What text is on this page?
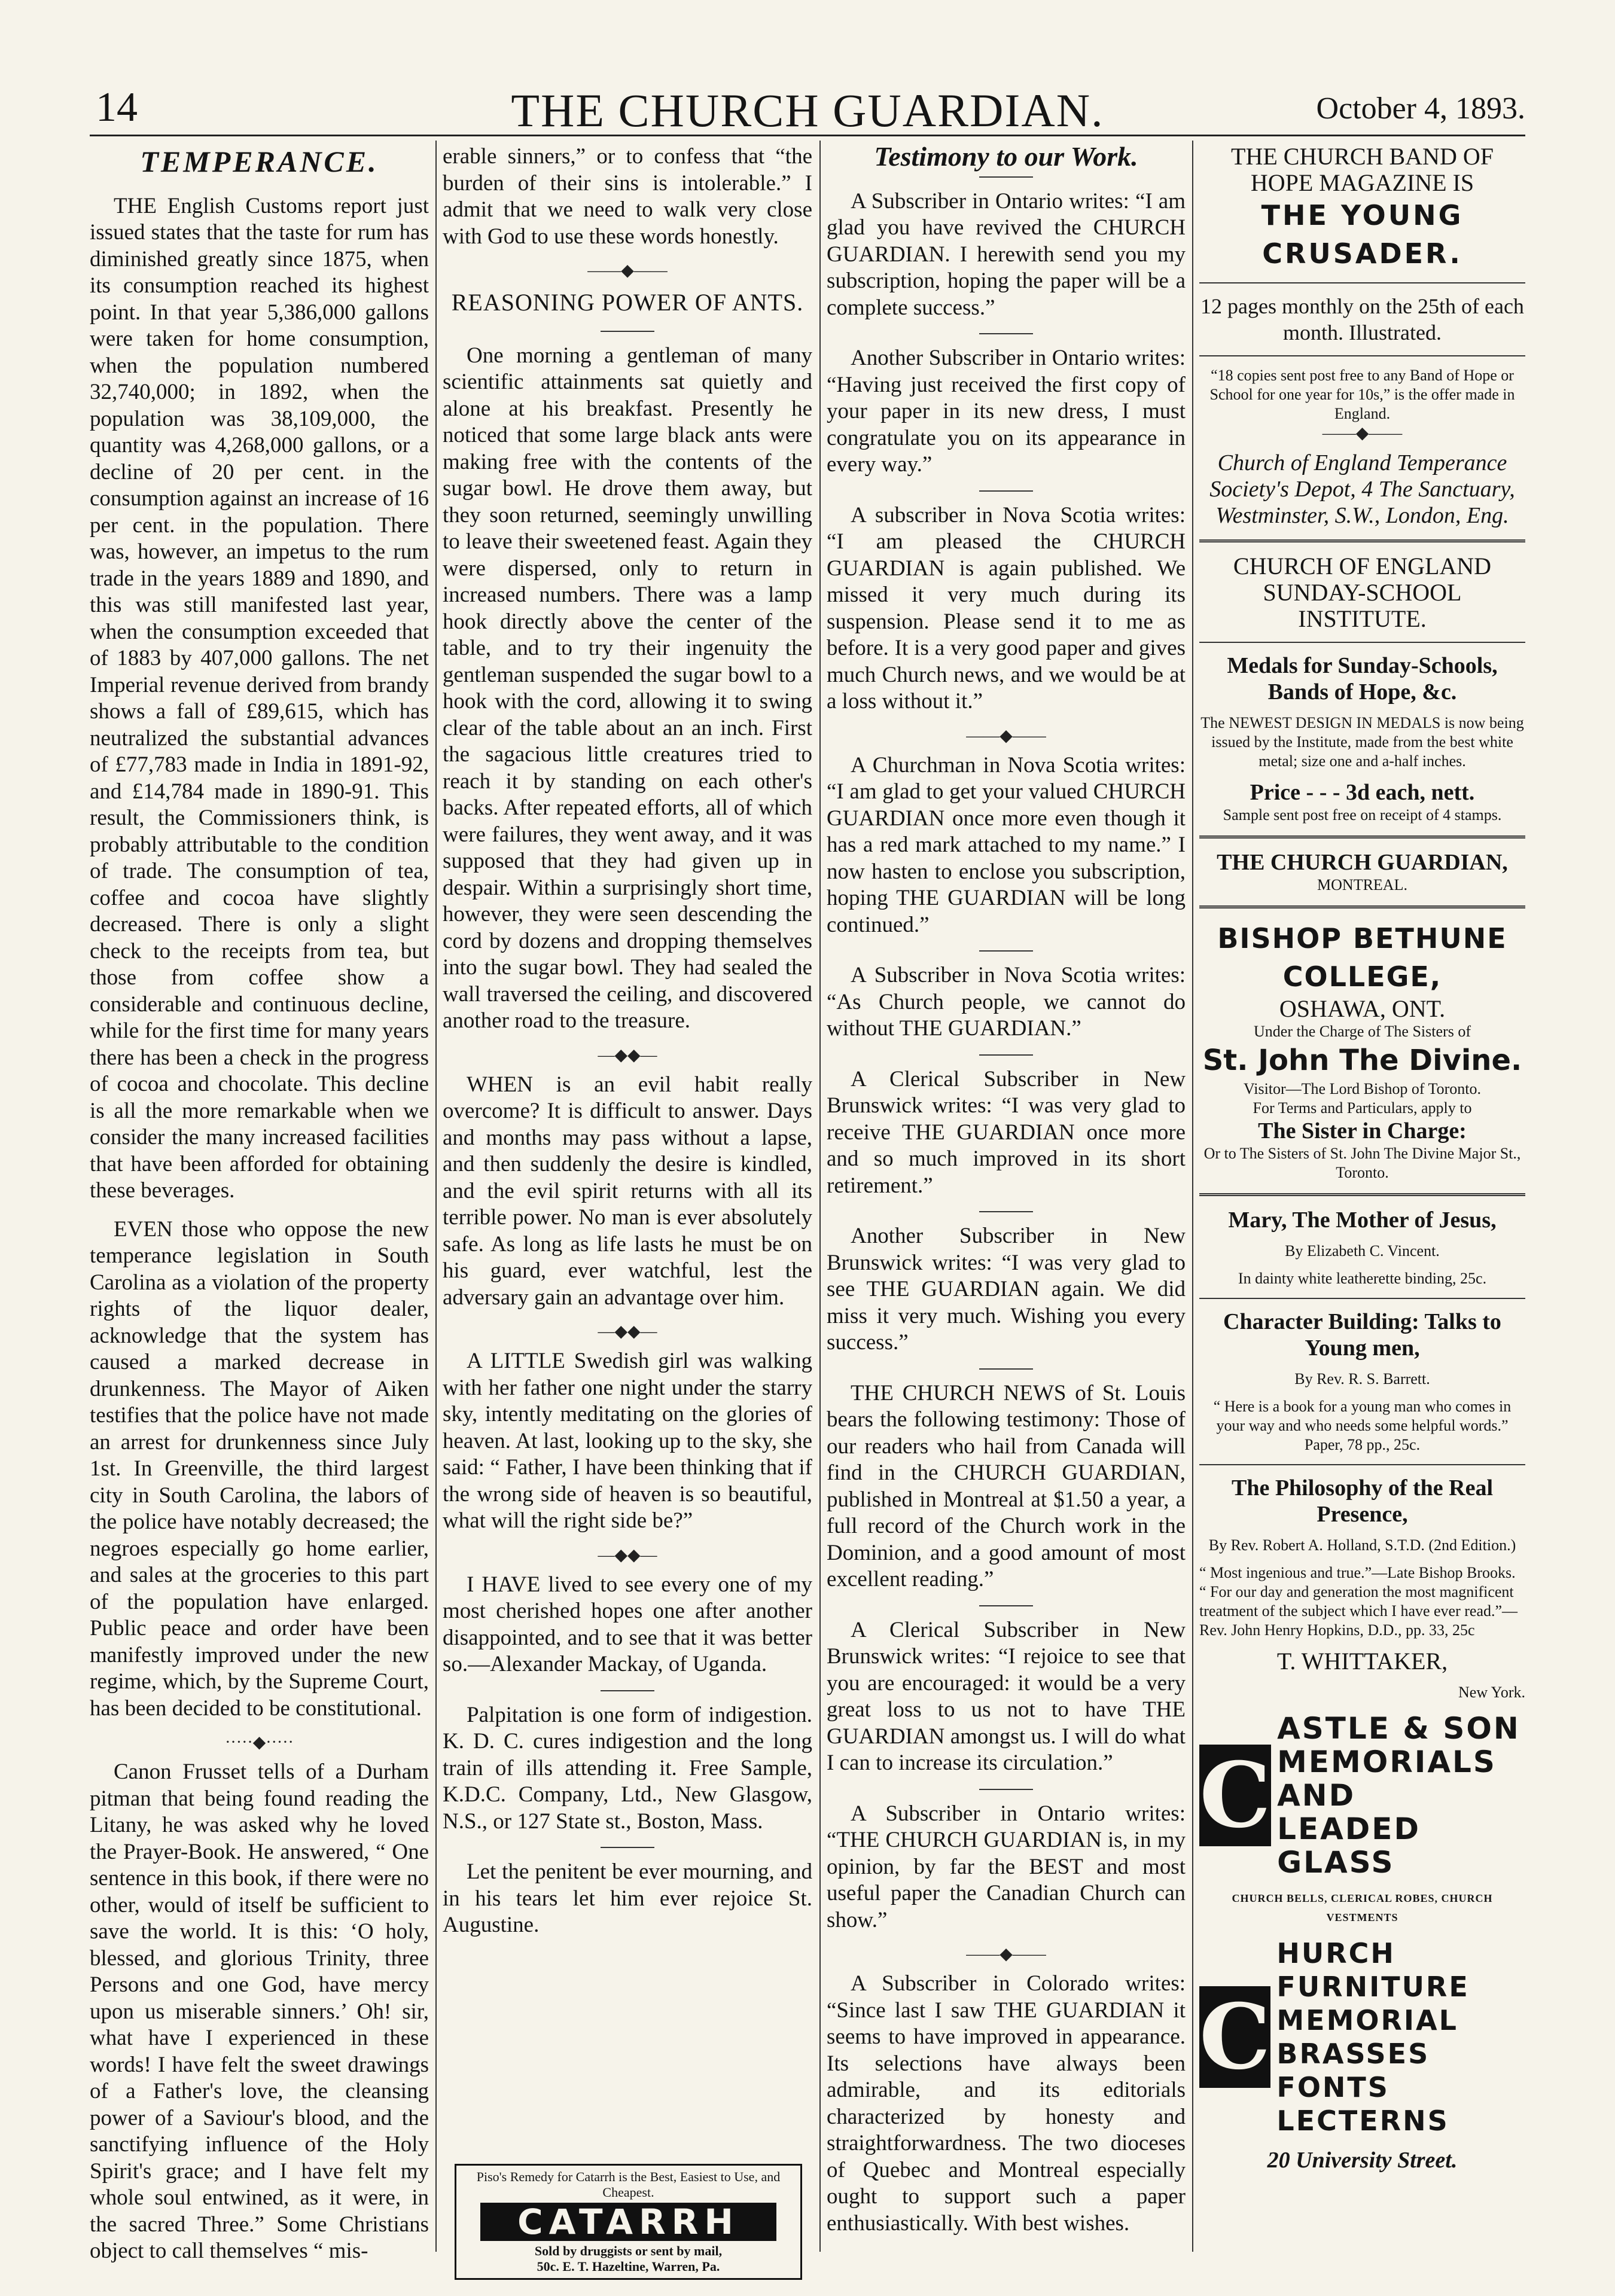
14	THE CHURCH GUARDIAN.	October 4, 1893.
TEMPERANCE.

THE English Customs report just issued states that the taste for rum has diminished greatly since 1875, when its consumption reached its highest point. In that year 5,386,000 gallons were taken for home consumption, when the population numbered 32,740,000; in 1892, when the population was 38,109,000, the quantity was 4,268,000 gallons, or a decline of 20 per cent. in the consumption against an increase of 16 per cent. in the population. There was, however, an impetus to the rum trade in the years 1889 and 1890, and this was still manifested last year, when the consumption exceeded that of 1883 by 407,000 gallons. The net Imperial revenue derived from brandy shows a fall of £89,615, which has neutralized the substantial advances of £77,783 made in India in 1891-92, and £14,784 made in 1890-91. This result, the Commissioners think, is probably attributable to the condition of trade. The consumption of tea, coffee and cocoa have slightly decreased. There is only a slight check to the receipts from tea, but those from coffee show a considerable and continuous decline, while for the first time for many years there has been a check in the progress of cocoa and chocolate. This decline is all the more remarkable when we consider the many increased facilities that have been afforded for obtaining these beverages.

EVEN those who oppose the new temperance legislation in South Carolina as a violation of the property rights of the liquor dealer, acknowledge that the system has caused a marked decrease in drunkenness. The Mayor of Aiken testifies that the police have not made an arrest for drunkenness since July 1st. In Greenville, the third largest city in South Carolina, the labors of the police have notably decreased; the negroes especially go home earlier, and sales at the groceries to this part of the population have enlarged. Public peace and order have been manifestly improved under the new regime, which, by the Supreme Court, has been decided to be constitutional.

·····◆·····

Canon Frusset tells of a Durham pitman that being found reading the Litany, he was asked why he loved the Prayer-Book. He answered, “ One sentence in this book, if there were no other, would of itself be sufficient to save the world. It is this: ‘O holy, blessed, and glorious Trinity, three Persons and one God, have mercy upon us miserable sinners.’ Oh! sir, what have I experienced in these words! I have felt the sweet drawings of a Father's love, the cleansing power of a Saviour's blood, and the sanctifying influence of the Holy Spirit's grace; and I have felt my whole soul entwined, as it were, in the sacred Three.” Some Christians object to call themselves “ mis-

erable sinners,” or to confess that “the burden of their sins is intolerable.” I admit that we need to walk very close with God to use these words honestly.

——◆——
REASONING POWER OF ANTS.

One morning a gentleman of many scientific attainments sat quietly and alone at his breakfast. Presently he noticed that some large black ants were making free with the contents of the sugar bowl. He drove them away, but they soon returned, seemingly unwilling to leave their sweetened feast. Again they were dispersed, only to return in increased numbers. There was a lamp hook directly above the center of the table, and to try their ingenuity the gentleman suspended the sugar bowl to a hook with the cord, allowing it to swing clear of the table about an an inch. First the sagacious little creatures tried to reach it by standing on each other's backs. After repeated efforts, all of which were failures, they went away, and it was supposed that they had given up in despair. Within a surprisingly short time, however, they were seen descending the cord by dozens and dropping themselves into the sugar bowl. They had sealed the wall traversed the ceiling, and discovered another road to the treasure.

—◆◆—

WHEN is an evil habit really overcome? It is difficult to answer. Days and months may pass without a lapse, and then suddenly the desire is kindled, and the evil spirit returns with all its terrible power. No man is ever absolutely safe. As long as life lasts he must be on his guard, ever watchful, lest the adversary gain an advantage over him.

—◆◆—

A LITTLE Swedish girl was walking with her father one night under the starry sky, intently meditating on the glories of heaven. At last, looking up to the sky, she said: “ Father, I have been thinking that if the wrong side of heaven is so beautiful, what will the right side be?”

—◆◆—

I HAVE lived to see every one of my most cherished hopes one after another disappointed, and to see that it was better so.—Alexander Mackay, of Uganda.

Palpitation is one form of indigestion. K. D. C. cures indigestion and the long train of ills attending it. Free Sample, K.D.C. Company, Ltd., New Glasgow, N.S., or 127 State st., Boston, Mass.

Let the penitent be ever mourning, and in his tears let him ever rejoice St. Augustine.

Piso's Remedy for Catarrh is the Best, Easiest to Use, and Cheapest.
CATARRH
Sold by druggists or sent by mail,
50c. E. T. Hazeltine, Warren, Pa.
Testimony to our Work.

A Subscriber in Ontario writes: “I am glad you have revived the CHURCH GUARDIAN. I herewith send you my subscription, hoping the paper will be a complete success.”

Another Subscriber in Ontario writes: “Having just received the first copy of your paper in its new dress, I must congratulate you on its appearance in every way.”

A subscriber in Nova Scotia writes: “I am pleased the CHURCH GUARDIAN is again published. We missed it very much during its suspension. Please send it to me as before. It is a very good paper and gives much Church news, and we would be at a loss without it.”

——◆——

A Churchman in Nova Scotia writes: “I am glad to get your valued CHURCH GUARDIAN once more even though it has a red mark attached to my name.” I now hasten to enclose you subscription, hoping THE GUARDIAN will be long continued.”

A Subscriber in Nova Scotia writes: “As Church people, we cannot do without THE GUARDIAN.”

A Clerical Subscriber in New Brunswick writes: “I was very glad to receive THE GUARDIAN once more and so much improved in its short retirement.”

Another Subscriber in New Brunswick writes: “I was very glad to see THE GUARDIAN again. We did miss it very much. Wishing you every success.”

THE CHURCH NEWS of St. Louis bears the following testimony: Those of our readers who hail from Canada will find in the CHURCH GUARDIAN, published in Montreal at $1.50 a year, a full record of the Church work in the Dominion, and a good amount of most excellent reading.”

A Clerical Subscriber in New Brunswick writes: “I rejoice to see that you are encouraged: it would be a very great loss to us not to have THE GUARDIAN amongst us. I will do what I can to increase its circulation.”

A Subscriber in Ontario writes: “THE CHURCH GUARDIAN is, in my opinion, by far the BEST and most useful paper the Canadian Church can show.”

——◆——

A Subscriber in Colorado writes: “Since last I saw THE GUARDIAN it seems to have improved in appearance. Its selections have always been admirable, and its editorials characterized by honesty and straightforwardness. The two dioceses of Quebec and Montreal especially ought to support such a paper enthusiastically. With best wishes.

THE CHURCH BAND OF HOPE MAGAZINE IS
THE YOUNG CRUSADER.
12 pages monthly on the 25th of each month. Illustrated.
“18 copies sent post free to any Band of Hope or School for one year for 10s,” is the offer made in England.
——◆——
Church of England Temperance Society's Depot, 4 The Sanctuary, Westminster, S.W., London, Eng.
CHURCH OF ENGLAND SUNDAY-SCHOOL INSTITUTE.
Medals for Sunday-Schools, Bands of Hope, &c.
The NEWEST DESIGN IN MEDALS is now being issued by the Institute, made from the best white metal; size one and a-half inches.
Price - - - 3d each, nett.
Sample sent post free on receipt of 4 stamps.
THE CHURCH GUARDIAN,
MONTREAL.
BISHOP BETHUNE COLLEGE,
OSHAWA, ONT.
Under the Charge of The Sisters of
St. John The Divine.
Visitor—The Lord Bishop of Toronto.
For Terms and Particulars, apply to
The Sister in Charge:
Or to The Sisters of St. John The Divine Major St., Toronto.
Mary, The Mother of Jesus,
By Elizabeth C. Vincent.
In dainty white leatherette binding, 25c.
Character Building: Talks to Young men,
By Rev. R. S. Barrett.
“ Here is a book for a young man who comes in your way and who needs some helpful words.” Paper, 78 pp., 25c.
The Philosophy of the Real Presence,
By Rev. Robert A. Holland, S.T.D. (2nd Edition.)
“ Most ingenious and true.”—Late Bishop Brooks.
“ For our day and generation the most magnificent treatment of the subject which I have ever read.”—Rev. John Henry Hopkins, D.D., pp. 33, 25c
T. WHITTAKER,
New York.
C
ASTLE & SON
MEMORIALS AND
LEADED GLASS
CHURCH BELLS, CLERICAL ROBES, CHURCH VESTMENTS
C
HURCH FURNITURE
MEMORIAL BRASSES
FONTS LECTERNS
20 University Street.
